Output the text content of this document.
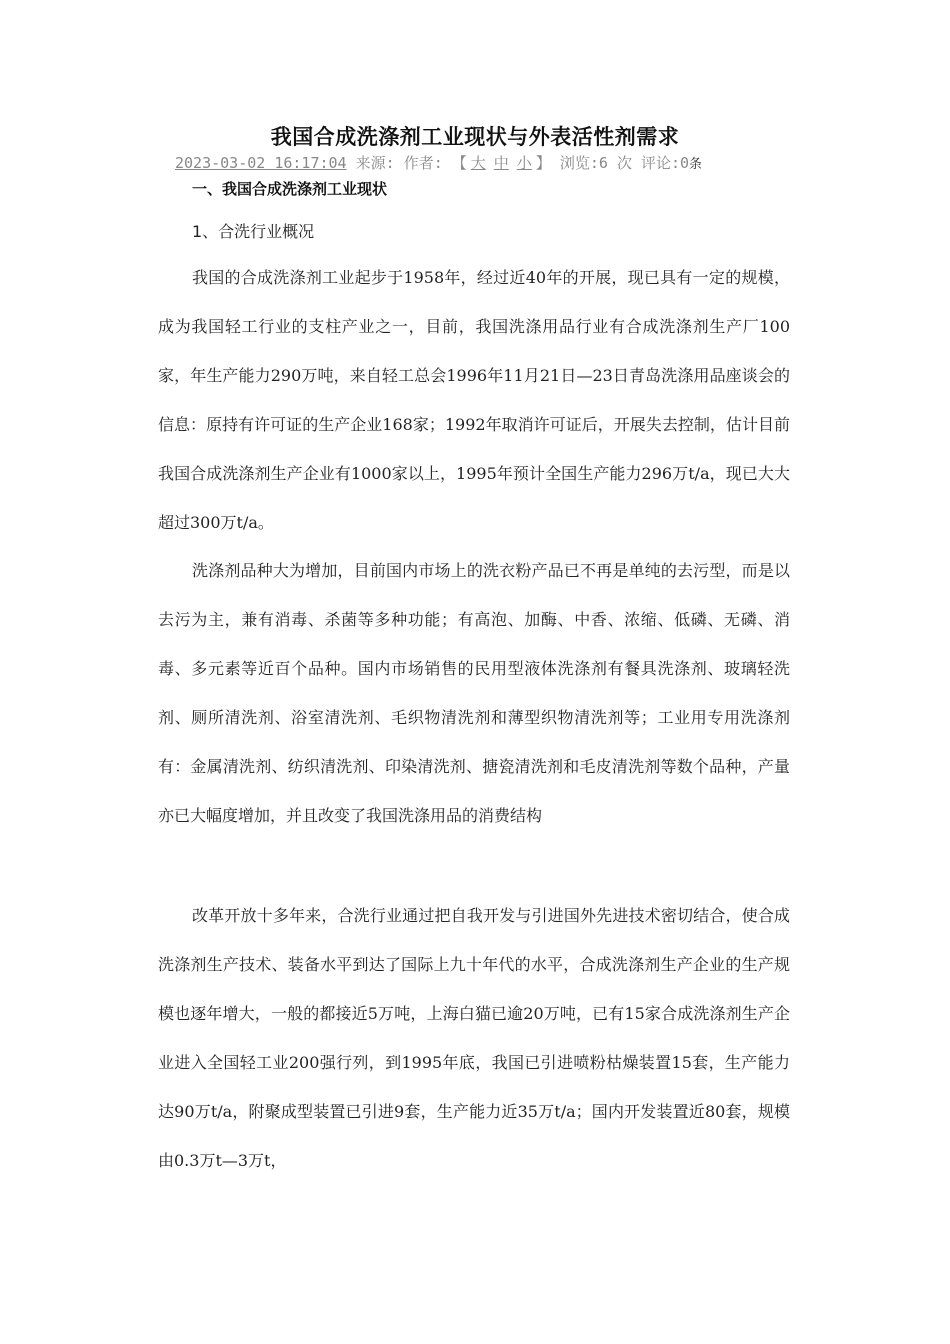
我国合成洗涤剂工业现状与外表活性剂需求
2023-03-02 16:17:04 来源: 作者: 【 大 中 小 】 浏览:6 次 评论:0条
一、我国合成洗涤剂工业现状
1、合洗行业概况

我国的合成洗涤剂工业起步于1958年，经过近40年的开展，现已具有一定的规模，成为我国轻工行业的支柱产业之一，目前，我国洗涤用品行业有合成洗涤剂生产厂100家，年生产能力290万吨，来自轻工总会1996年11月21日—23日青岛洗涤用品座谈会的信息：原持有许可证的生产企业168家；1992年取消许可证后，开展失去控制，估计目前我国合成洗涤剂生产企业有1000家以上，1995年预计全国生产能力296万t/a，现已大大超过300万t/a。

洗涤剂品种大为增加，目前国内市场上的洗衣粉产品已不再是单纯的去污型，而是以去污为主，兼有消毒、杀菌等多种功能；有高泡、加酶、中香、浓缩、低磷、无磷、消毒、多元素等近百个品种。国内市场销售的民用型液体洗涤剂有餐具洗涤剂、玻璃轻洗剂、厕所清洗剂、浴室清洗剂、毛织物清洗剂和薄型织物清洗剂等；工业用专用洗涤剂有：金属清洗剂、纺织清洗剂、印染清洗剂、搪瓷清洗剂和毛皮清洗剂等数个品种，产量亦已大幅度增加，并且改变了我国洗涤用品的消费结构

改革开放十多年来，合洗行业通过把自我开发与引进国外先进技术密切结合，使合成洗涤剂生产技术、装备水平到达了国际上九十年代的水平，合成洗涤剂生产企业的生产规模也逐年增大，一般的都接近5万吨，上海白猫已逾20万吨，已有15家合成洗涤剂生产企业进入全国轻工业200强行列，到1995年底，我国已引进喷粉枯燥装置15套，生产能力达90万t/a，附聚成型装置已引进9套，生产能力近35万t/a；国内开发装置近80套，规模由0.3万t—3万t，
